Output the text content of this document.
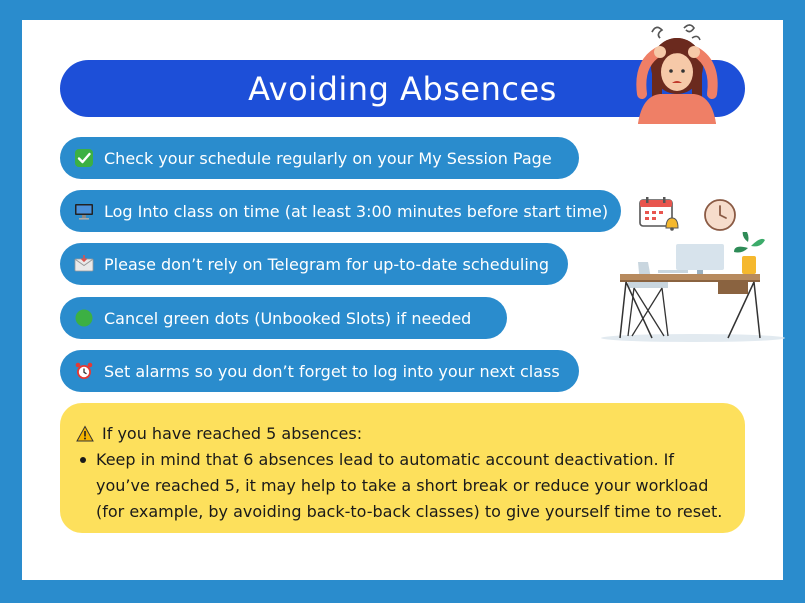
Avoiding Absences
Check your schedule regularly on your My Session Page
Log Into class on time (at least 3:00 minutes before start time)
Please don’t rely on Telegram for up-to-date scheduling
Cancel green dots (Unbooked Slots) if needed
Set alarms so you don’t forget to log into your next class
If you have reached 5 absences:
Keep in mind that 6 absences lead to automatic account deactivation. If you’ve reached 5, it may help to take a short break or reduce your workload (for example, by avoiding back-to-back classes) to give yourself time to reset.
